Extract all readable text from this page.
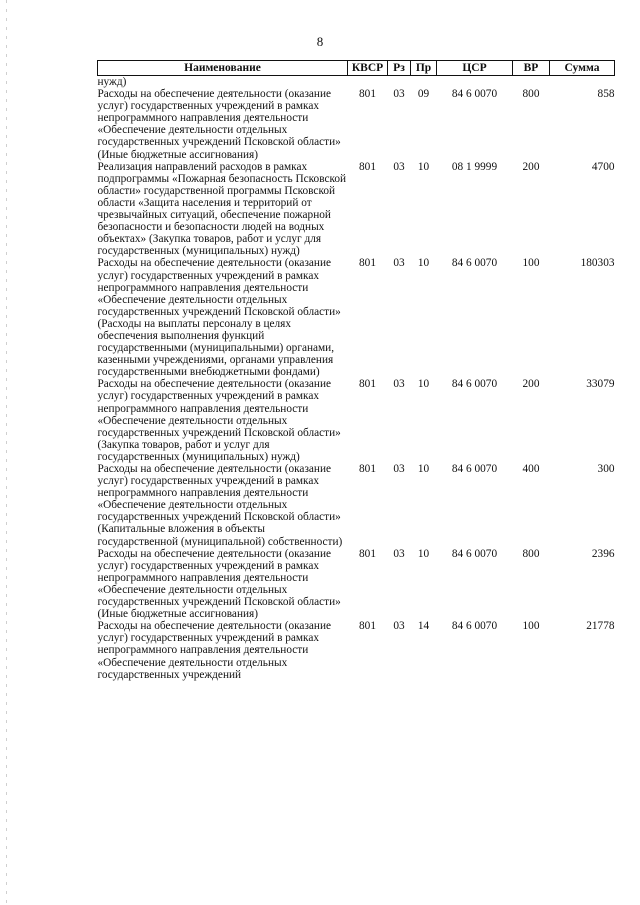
8
Наименование	КВСР	Рз	Пр	ЦСР	ВР	Сумма
нужд)						
Расходы на обеспечение деятельности (оказание услуг) государственных учреждений в рамках непрограммного направления деятельности «Обеспечение деятельности отдельных государственных учреждений Псковской области» (Иные бюджетные ассигнования)	801	03	09	84 6 0070	800	858
Реализация направлений расходов в рамках подпрограммы «Пожарная безопасность Псковской области» государственной программы Псковской области «Защита населения и территорий от чрезвычайных ситуаций, обеспечение пожарной безопасности и безопасности людей на водных объектах» (Закупка товаров, работ и услуг для государственных (муниципальных) нужд)	801	03	10	08 1 9999	200	4700
Расходы на обеспечение деятельности (оказание услуг) государственных учреждений в рамках непрограммного направления деятельности «Обеспечение деятельности отдельных государственных учреждений Псковской области» (Расходы на выплаты персоналу в целях обеспечения выполнения функций государственными (муниципальными) органами, казенными учреждениями, органами управления государственными внебюджетными фондами)	801	03	10	84 6 0070	100	180303
Расходы на обеспечение деятельности (оказание услуг) государственных учреждений в рамках непрограммного направления деятельности «Обеспечение деятельности отдельных государственных учреждений Псковской области» (Закупка товаров, работ и услуг для государственных (муниципальных) нужд)	801	03	10	84 6 0070	200	33079
Расходы на обеспечение деятельности (оказание услуг) государственных учреждений в рамках непрограммного направления деятельности «Обеспечение деятельности отдельных государственных учреждений Псковской области» (Капитальные вложения в объекты государственной (муниципальной) собственности)	801	03	10	84 6 0070	400	300
Расходы на обеспечение деятельности (оказание услуг) государственных учреждений в рамках непрограммного направления деятельности «Обеспечение деятельности отдельных государственных учреждений Псковской области» (Иные бюджетные ассигнования)	801	03	10	84 6 0070	800	2396
Расходы на обеспечение деятельности (оказание услуг) государственных учреждений в рамках непрограммного направления деятельности «Обеспечение деятельности отдельных государственных учреждений	801	03	14	84 6 0070	100	21778
